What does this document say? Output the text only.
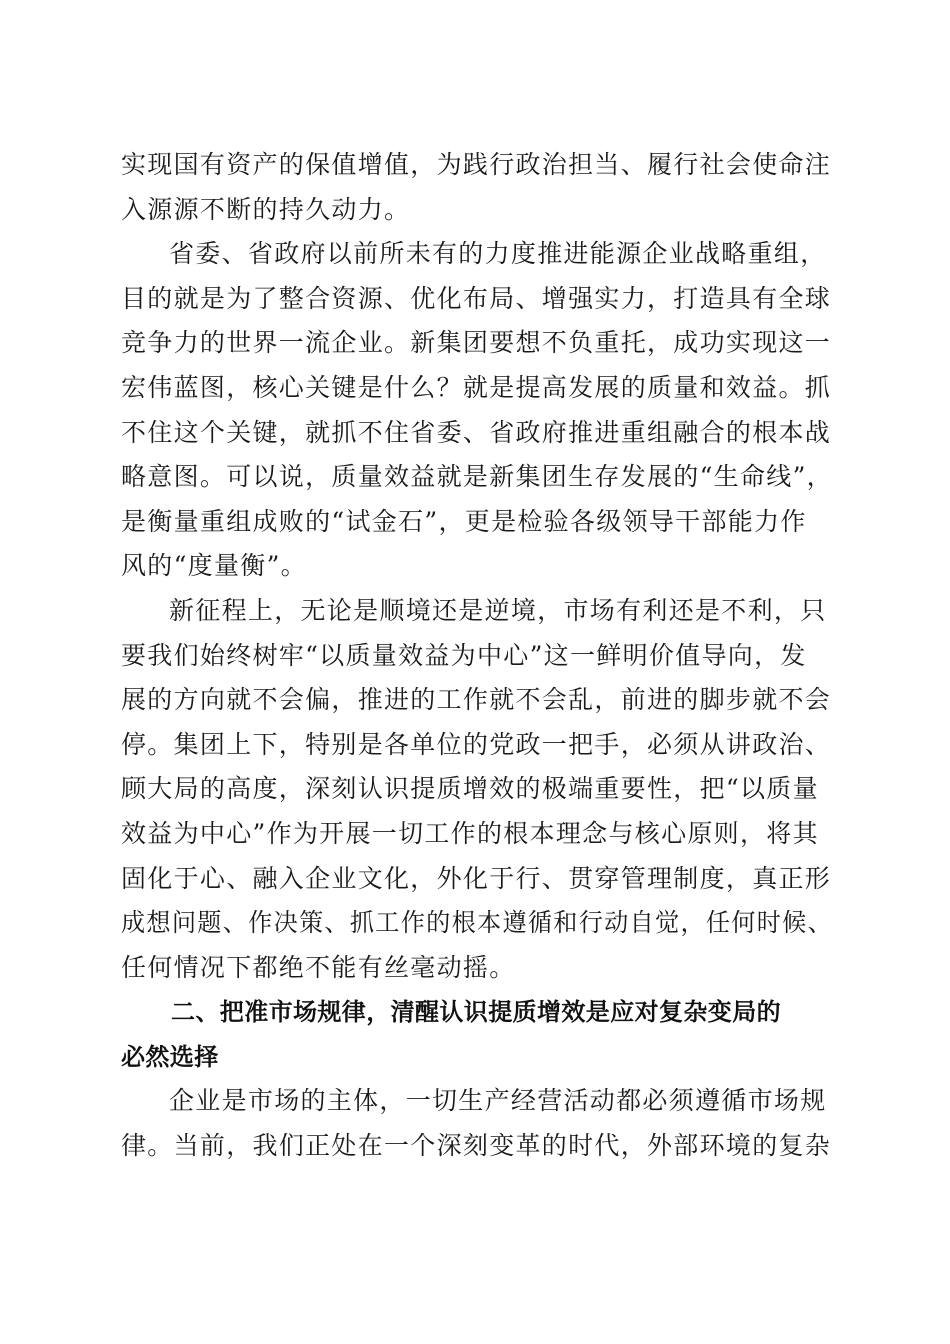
实现国有资产的保值增值，为践行政治担当、履行社会使命注
入源源不断的持久动力。
省委、省政府以前所未有的力度推进能源企业战略重组，
目的就是为了整合资源、优化布局、增强实力，打造具有全球
竞争力的世界一流企业。新集团要想不负重托，成功实现这一
宏伟蓝图，核心关键是什么？就是提高发展的质量和效益。抓
不住这个关键，就抓不住省委、省政府推进重组融合的根本战
略意图。可以说，质量效益就是新集团生存发展的“生命线”，
是衡量重组成败的“试金石”，更是检验各级领导干部能力作
风的“度量衡”。
新征程上，无论是顺境还是逆境，市场有利还是不利，只
要我们始终树牢“以质量效益为中心”这一鲜明价值导向，发
展的方向就不会偏，推进的工作就不会乱，前进的脚步就不会
停。集团上下，特别是各单位的党政一把手，必须从讲政治、
顾大局的高度，深刻认识提质增效的极端重要性，把“以质量
效益为中心”作为开展一切工作的根本理念与核心原则，将其
固化于心、融入企业文化，外化于行、贯穿管理制度，真正形
成想问题、作决策、抓工作的根本遵循和行动自觉，任何时候、
任何情况下都绝不能有丝毫动摇。
二、把准市场规律，清醒认识提质增效是应对复杂变局的
必然选择
企业是市场的主体，一切生产经营活动都必须遵循市场规
律。当前，我们正处在一个深刻变革的时代，外部环境的复杂
